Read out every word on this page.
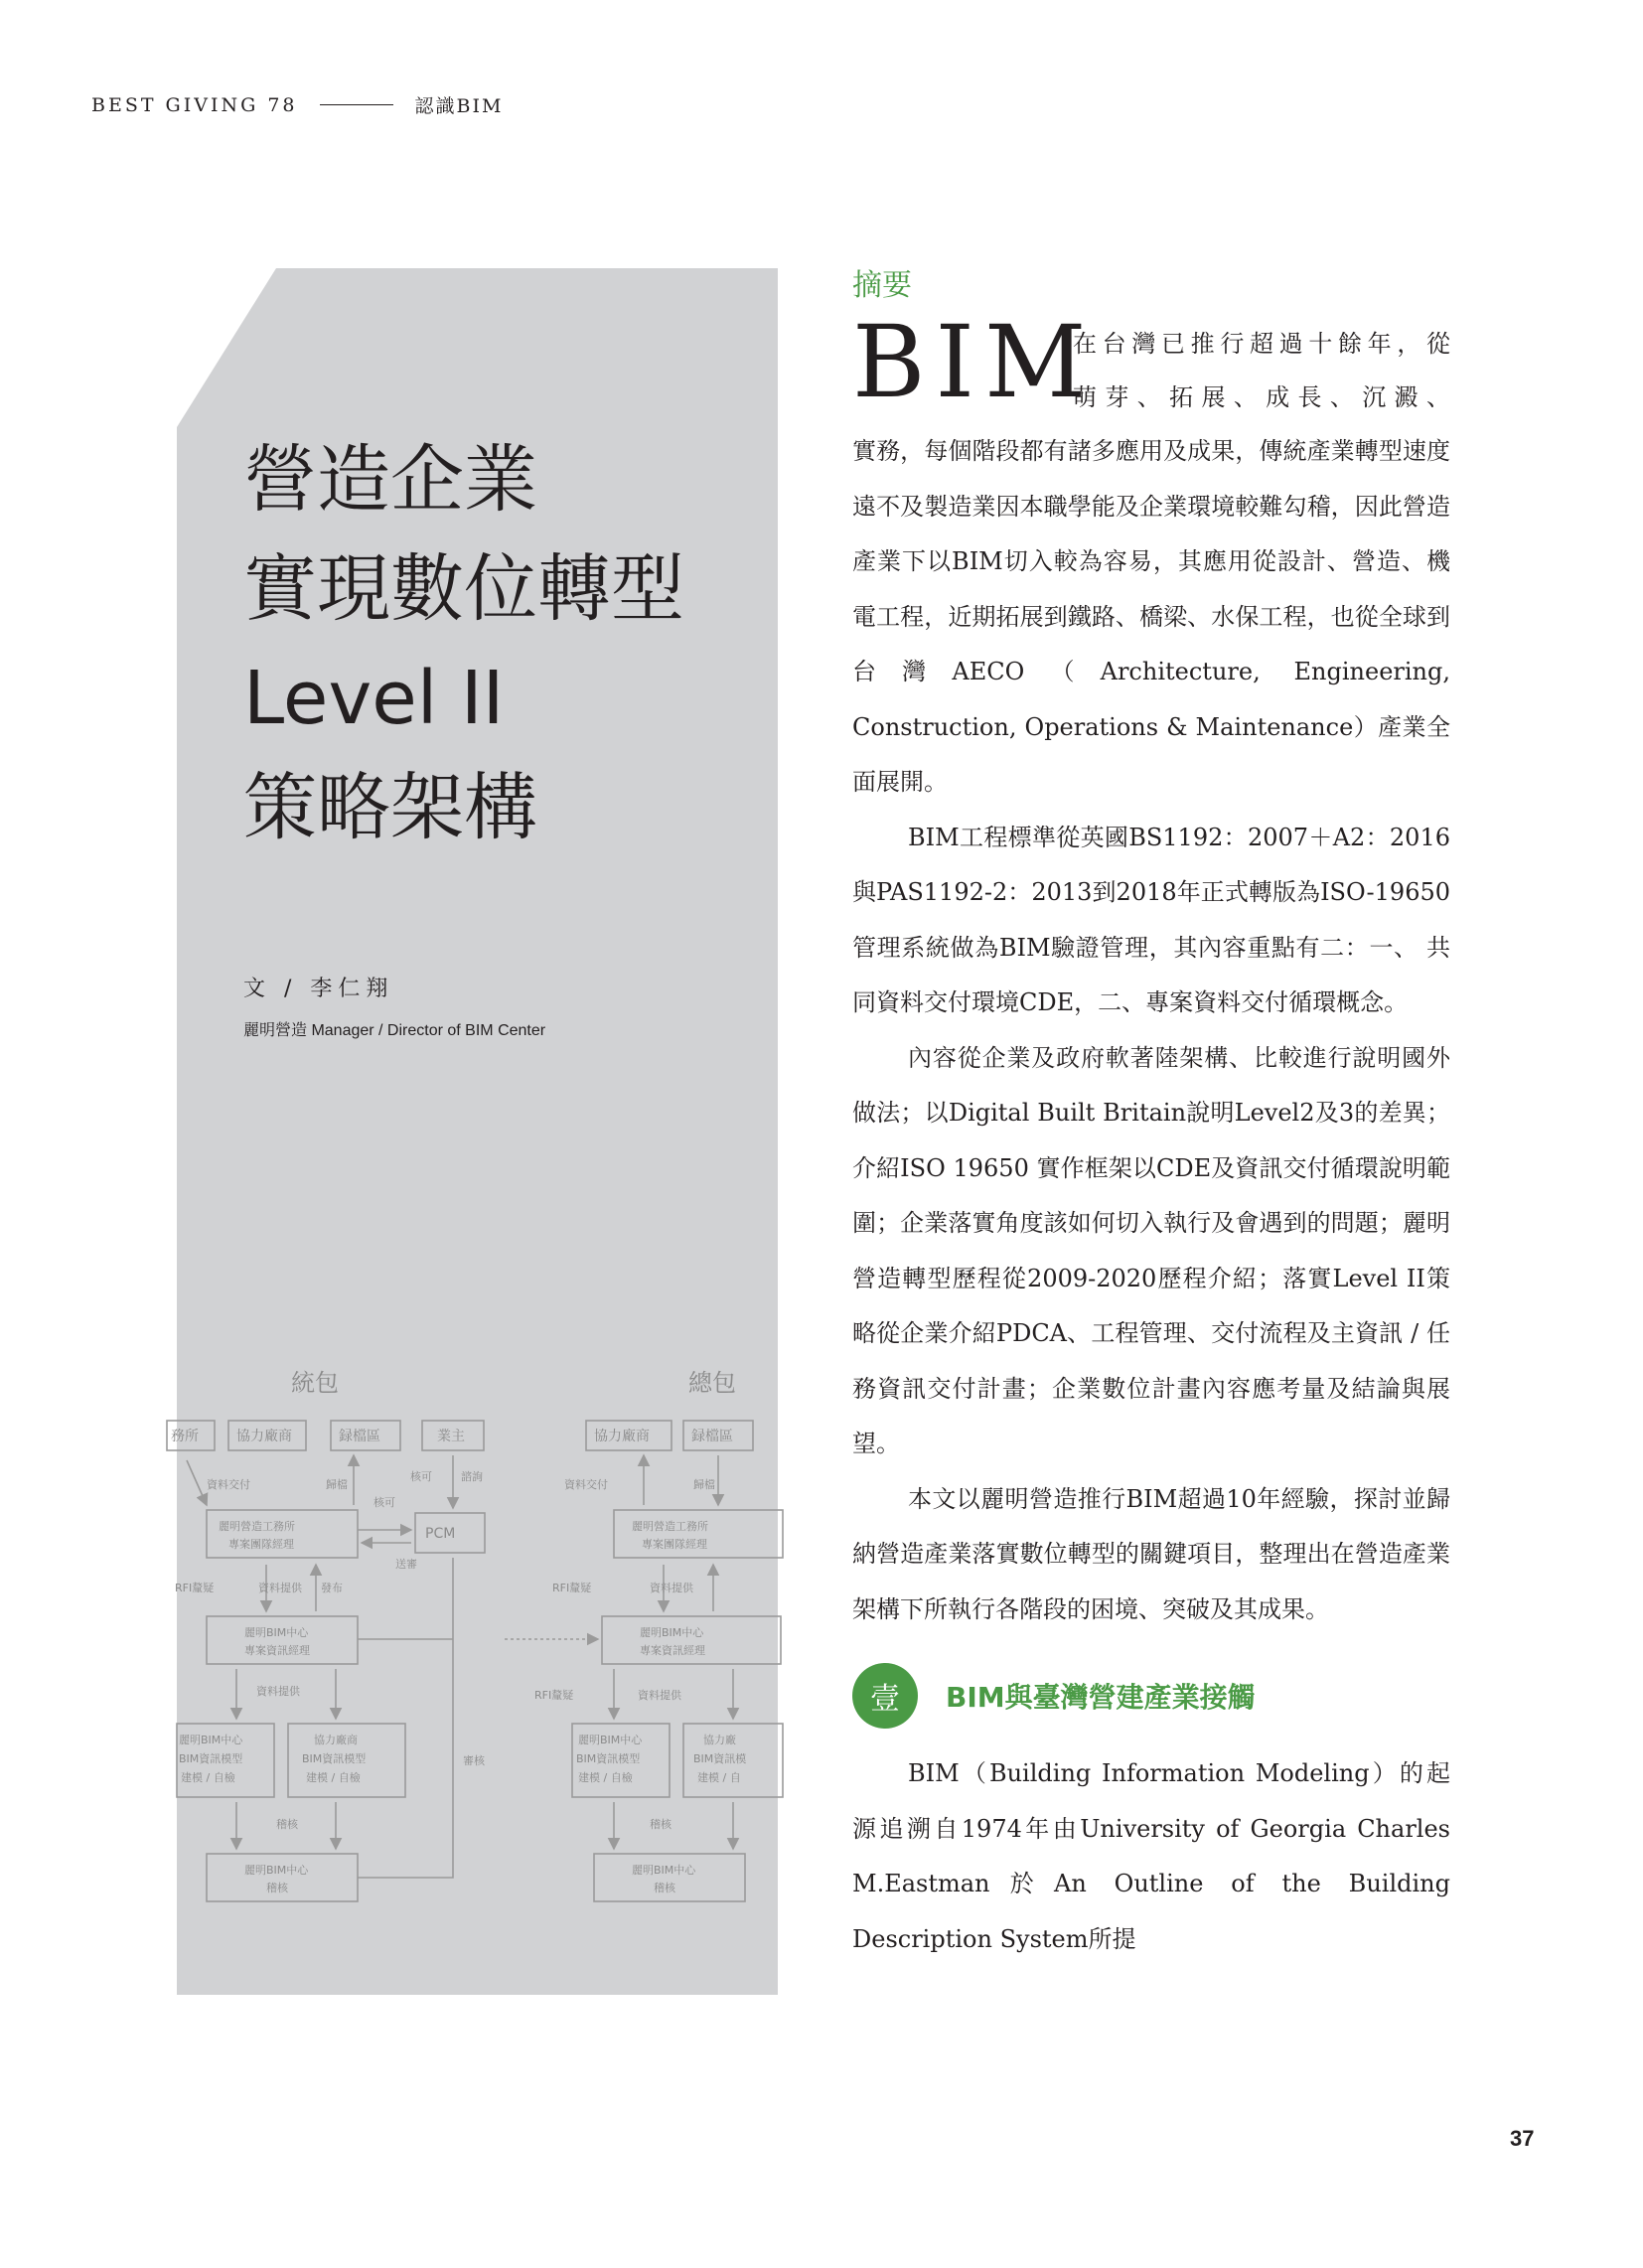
BEST GIVING 78	認識BIM
營造企業
實現數位轉型
Level II
策略架構
文 / 李仁翔
麗明營造 Manager / Director of BIM Center
統包	總包
務所	協力廠商	録檔區	業主
資料交付	歸檔
核可	諮詢
核可
送審
RFI釐疑	資料提供 發布
資料提供
審核
稽核
麗明營造工務所
專案團隊經理
PCM
麗明BIM中心
專案資訊經理
麗明BIM中心
BIM資訊模型
建模 / 自檢
協力廠商
BIM資訊模型
建模 / 自檢
麗明BIM中心
稽核
協力廠商	録檔區
資料交付	歸檔
RFI釐疑	資料提供
RFI釐疑	資料提供
稽核
麗明營造工務所
專案團隊經理
麗明BIM中心
專案資訊經理
麗明BIM中心
BIM資訊模型
建模 / 自檢
協力廠
BIM資訊模
建模 / 自
麗明BIM中心
稽核
摘要
BIM
在台灣已推行超過十餘年，從
萌芽、拓展、成長、沉澱、

實務，每個階段都有諸多應用及成果，傳統產業轉型速度遠不及製造業因本職學能及企業環境較難勾稽，因此營造產業下以BIM切入較為容易，其應用從設計、營造、機電工程，近期拓展到鐵路、橋梁、水保工程，也從全球到台灣AECO（Architecture, Engineering, Construction, Operations & Maintenance）產業全面展開。

BIM工程標準從英國BS1192：2007＋A2：2016與PAS1192-2：2013到2018年正式轉版為ISO-19650管理系統做為BIM驗證管理，其內容重點有二：一、 共同資料交付環境CDE，二、專案資料交付循環概念。

內容從企業及政府軟著陸架構、比較進行說明國外做法；以Digital Built Britain說明Level2及3的差異；介紹ISO 19650 實作框架以CDE及資訊交付循環說明範圍；企業落實角度該如何切入執行及會遇到的問題；麗明營造轉型歷程從2009-2020歷程介紹；落實Level II策略從企業介紹PDCA、工程管理、交付流程及主資訊 / 任務資訊交付計畫；企業數位計畫內容應考量及結論與展望。

本文以麗明營造推行BIM超過10年經驗，探討並歸納營造產業落實數位轉型的關鍵項目，整理出在營造產業架構下所執行各階段的困境、突破及其成果。

壹	BIM與臺灣營建產業接觸

BIM（Building Information Modeling）的起源追溯自1974年由University of Georgia Charles M.Eastman於An Outline of the Building Description System所提

37
